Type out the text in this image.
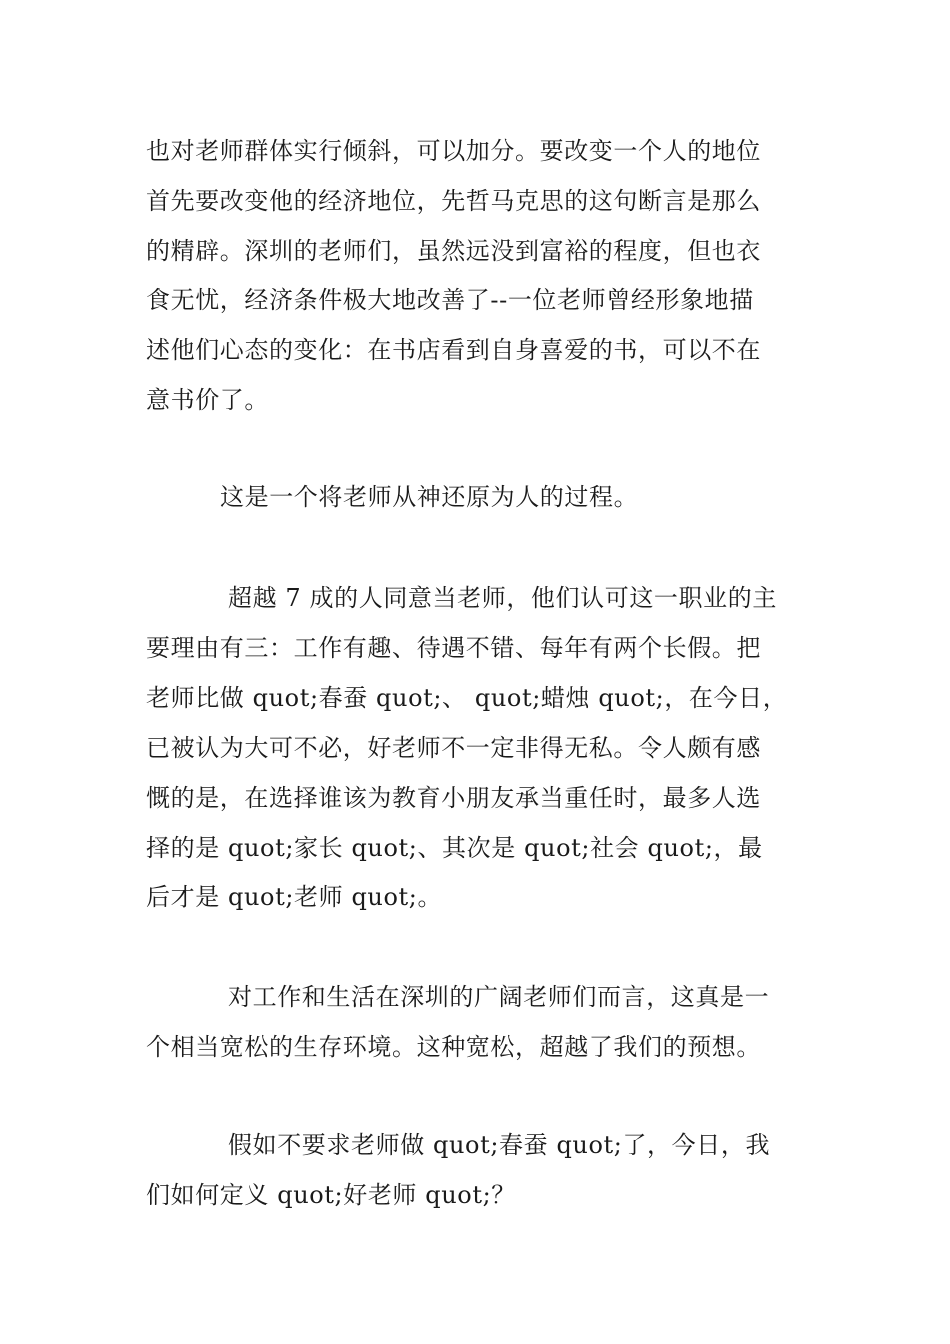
也对老师群体实行倾斜，可以加分。要改变一个人的地位
首先要改变他的经济地位，先哲马克思的这句断言是那么
的精辟。深圳的老师们，虽然远没到富裕的程度，但也衣
食无忧，经济条件极大地改善了--一位老师曾经形象地描
述他们心态的变化：在书店看到自身喜爱的书，可以不在
意书价了。
这是一个将老师从神还原为人的过程。
超越 7 成的人同意当老师，他们认可这一职业的主
要理由有三：工作有趣、待遇不错、每年有两个长假。把
老师比做 quot;春蚕 quot;、 quot;蜡烛 quot;，在今日，
已被认为大可不必，好老师不一定非得无私。令人颇有感
慨的是，在选择谁该为教育小朋友承当重任时，最多人选
择的是 quot;家长 quot;、其次是 quot;社会 quot;，最
后才是 quot;老师 quot;。
对工作和生活在深圳的广阔老师们而言，这真是一
个相当宽松的生存环境。这种宽松，超越了我们的预想。
假如不要求老师做 quot;春蚕 quot;了，今日，我
们如何定义 quot;好老师 quot;？
